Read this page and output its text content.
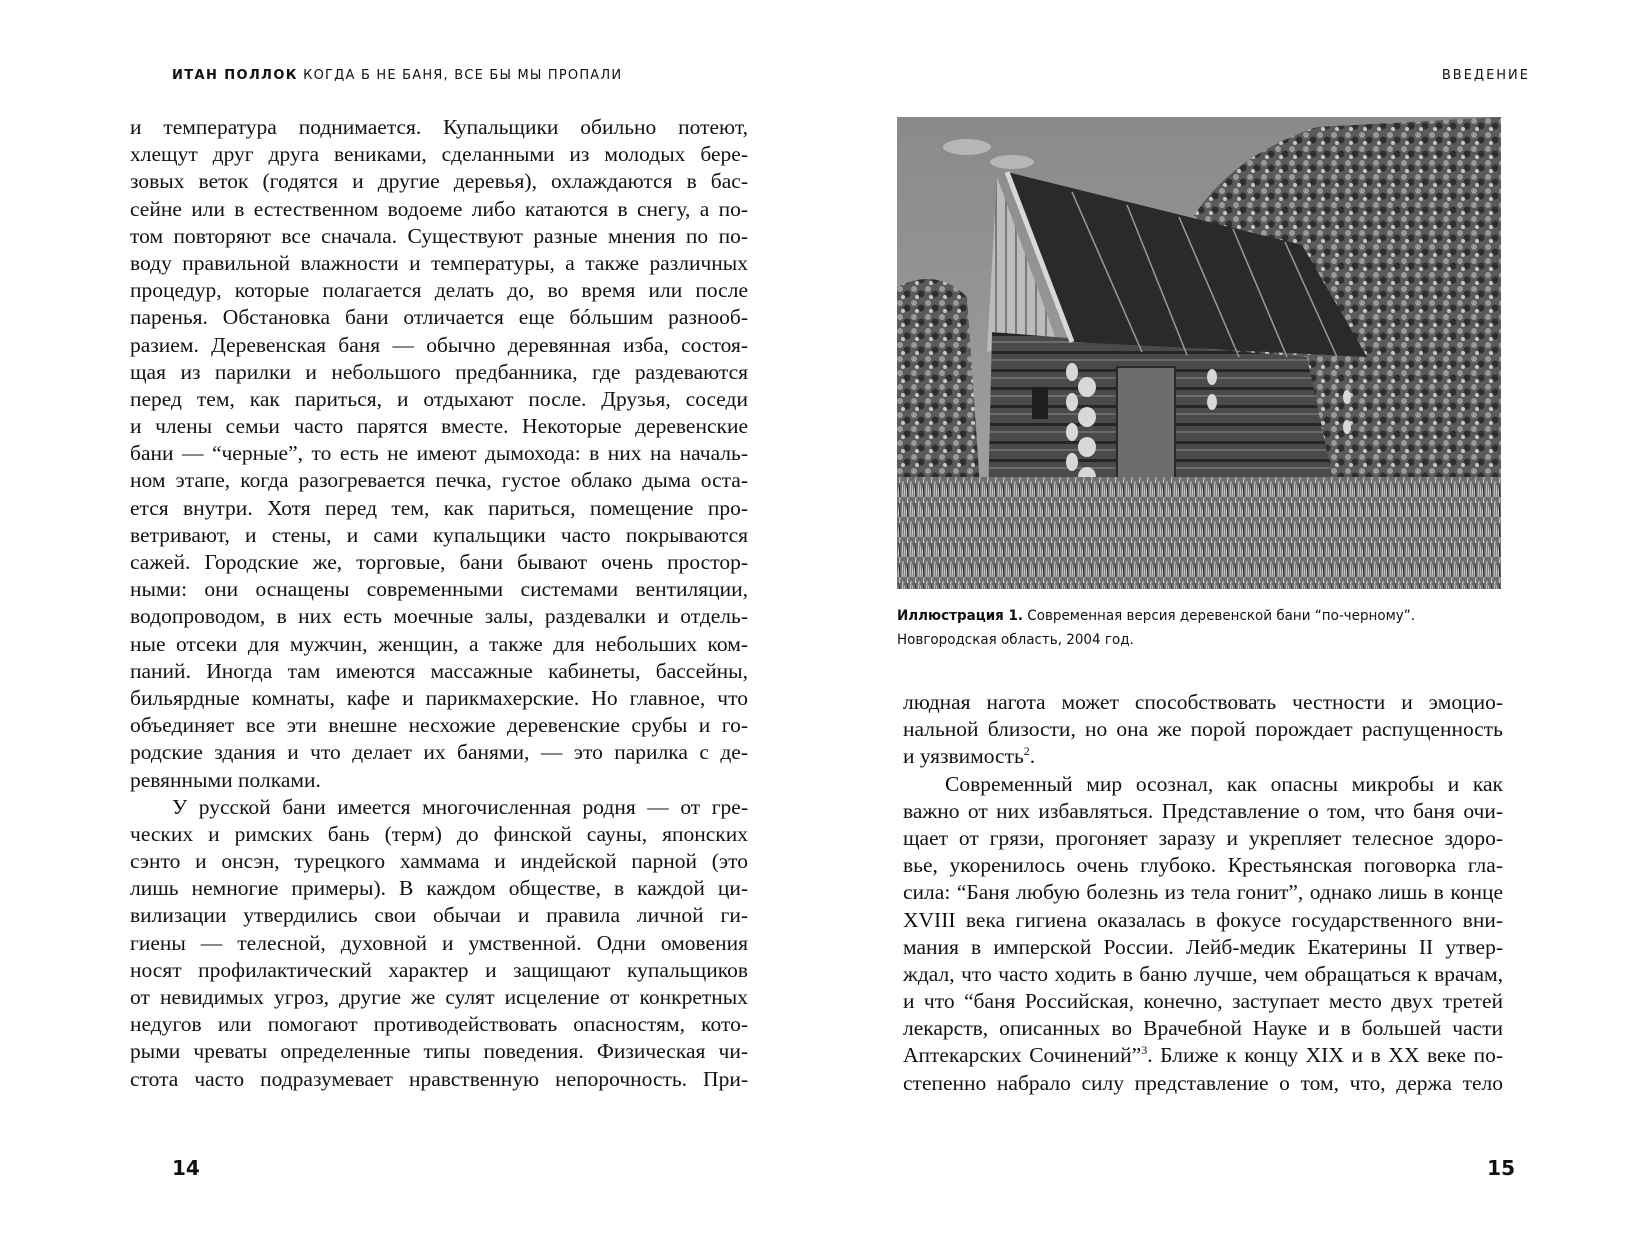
ИТАН ПОЛЛОК КОГДА Б НЕ БАНЯ, ВСЕ БЫ МЫ ПРОПАЛИ
14
и температура поднимается. Купальщики обильно потеют,
хлещут друг друга вениками, сделанными из молодых бере-
зовых веток (годятся и другие деревья), охлаждаются в бас-
сейне или в естественном водоеме либо катаются в снегу, а по-
том повторяют все сначала. Существуют разные мнения по по-
воду правильной влажности и температуры, а также различных
процедур, которые полагается делать до, во время или после
паренья. Обстановка бани отличается еще бóльшим разнооб-
разием. Деревенская баня — обычно деревянная изба, состоя-
щая из парилки и небольшого предбанника, где раздеваются
перед тем, как париться, и отдыхают после. Друзья, соседи
и члены семьи часто парятся вместе. Некоторые деревенские
бани — “черные”, то есть не имеют дымохода: в них на началь-
ном этапе, когда разогревается печка, густое облако дыма оста-
ется внутри. Хотя перед тем, как париться, помещение про-
ветривают, и стены, и сами купальщики часто покрываются
сажей. Городские же, торговые, бани бывают очень простор-
ными: они оснащены современными системами вентиляции,
водопроводом, в них есть моечные залы, раздевалки и отдель-
ные отсеки для мужчин, женщин, а также для небольших ком-
паний. Иногда там имеются массажные кабинеты, бассейны,
бильярдные комнаты, кафе и парикмахерские. Но главное, что
объединяет все эти внешне несхожие деревенские срубы и го-
родские здания и что делает их банями, — это парилка с де-
ревянными полками.
У русской бани имеется многочисленная родня — от гре-
ческих и римских бань (терм) до финской сауны, японских
сэнто и онсэн, турецкого хаммама и индейской парной (это
лишь немногие примеры). В каждом обществе, в каждой ци-
вилизации утвердились свои обычаи и правила личной ги-
гиены — телесной, духовной и умственной. Одни омовения
носят профилактический характер и защищают купальщиков
от невидимых угроз, другие же сулят исцеление от конкретных
недугов или помогают противодействовать опасностям, кото-
рыми чреваты определенные типы поведения. Физическая чи-
стота часто подразумевает нравственную непорочность. При-
ВВЕДЕНИЕ
15
Иллюстрация 1. Современная версия деревенской бани “по-черному”.
Новгородская область, 2004 год.
людная нагота может способствовать честности и эмоцио-
нальной близости, но она же порой порождает распущенность
и уязвимость$^2$.
Современный мир осознал, как опасны микробы и как
важно от них избавляться. Представление о том, что баня очи-
щает от грязи, прогоняет заразу и укрепляет телесное здоро-
вье, укоренилось очень глубоко. Крестьянская поговорка гла-
сила: “Баня любую болезнь из тела гонит”, однако лишь в конце
XVIII века гигиена оказалась в фокусе государственного вни-
мания в имперской России. Лейб-медик Екатерины II утвер-
ждал, что часто ходить в баню лучше, чем обращаться к врачам,
и что “баня Российская, конечно, заступает место двух третей
лекарств, описанных во Врачебной Науке и в большей части
Аптекарских Сочинений”$^3$. Ближе к концу XIX и в XX веке по-
степенно набрало силу представление о том, что, держа тело
